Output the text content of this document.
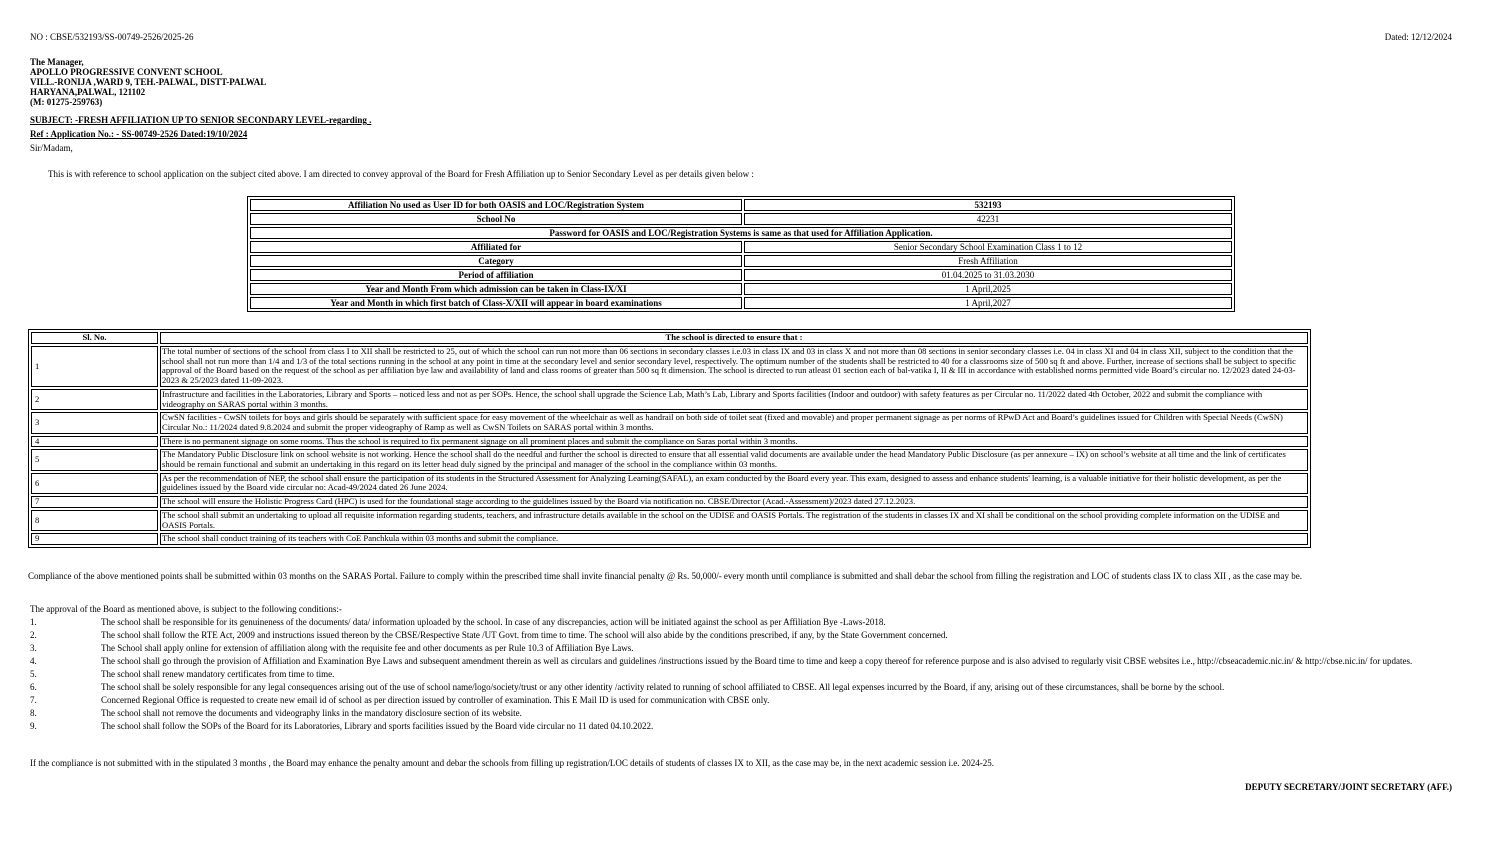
NO : CBSE/532193/SS-00749-2526/2025-26	Dated: 12/12/2024
The Manager,
APOLLO PROGRESSIVE CONVENT SCHOOL
VILL.-RONIJA ,WARD 9, TEH.-PALWAL, DISTT-PALWAL
HARYANA,PALWAL, 121102
(M: 01275-259763)
SUBJECT: -FRESH AFFILIATION UP TO SENIOR SECONDARY LEVEL-regarding .
Ref : Application No.: - SS-00749-2526 Dated:19/10/2024
Sir/Madam,
This is with reference to school application on the subject cited above. I am directed to convey approval of the Board for Fresh Affiliation up to Senior Secondary Level as per details given below :
Affiliation No used as User ID for both OASIS and LOC/Registration System	532193
School No	42231
Password for OASIS and LOC/Registration Systems is same as that used for Affiliation Application.	
Affiliated for	Senior Secondary School Examination Class 1 to 12
Category	Fresh Affiliation
Period of affiliation	01.04.2025 to 31.03.2030
Year and Month From which admission can be taken in Class-IX/XI	1 April,2025
Year and Month in which first batch of Class-X/XII will appear in board examinations	1 April,2027
Sl. No.	The school is directed to ensure that :
1	The total number of sections of the school from class I to XII shall be restricted to 25, out of which the school can run not more than 06 sections in secondary classes i.e.03 in class IX and 03 in class X and not more than 08 sections in senior secondary classes i.e. 04 in class XI and 04 in class XII, subject to the condition that the school shall not run more than 1/4 and 1/3 of the total sections running in the school at any point in time at the secondary level and senior secondary level, respectively. The optimum number of the students shall be restricted to 40 for a classrooms size of 500 sq ft and above. Further, increase of sections shall be subject to specific approval of the Board based on the request of the school as per affiliation bye law and availability of land and class rooms of greater than 500 sq ft dimension. The school is directed to run atleast 01 section each of bal-vatika I, II & III in accordance with established norms permitted vide Board’s circular no. 12/2023 dated 24-03-2023 & 25/2023 dated 11-09-2023.
2	Infrastructure and facilities in the Laboratories, Library and Sports – noticed less and not as per SOPs. Hence, the school shall upgrade the Science Lab, Math’s Lab, Library and Sports facilities (Indoor and outdoor) with safety features as per Circular no. 11/2022 dated 4th October, 2022 and submit the compliance with videography on SARAS portal within 3 months.
3	CwSN facilities - CwSN toilets for boys and girls should be separately with sufficient space for easy movement of the wheelchair as well as handrail on both side of toilet seat (fixed and movable) and proper permanent signage as per norms of RPwD Act and Board’s guidelines issued for Children with Special Needs (CwSN) Circular No.: 11/2024 dated 9.8.2024 and submit the proper videography of Ramp as well as CwSN Toilets on SARAS portal within 3 months.
4	There is no permanent signage on some rooms. Thus the school is required to fix permanent signage on all prominent places and submit the compliance on Saras portal within 3 months.
5	The Mandatory Public Disclosure link on school website is not working. Hence the school shall do the needful and further the school is directed to ensure that all essential valid documents are available under the head Mandatory Public Disclosure (as per annexure – IX) on school’s website at all time and the link of certificates should be remain functional and submit an undertaking in this regard on its letter head duly signed by the principal and manager of the school in the compliance within 03 months.
6	As per the recommendation of NEP, the school shall ensure the participation of its students in the Structured Assessment for Analyzing Learning(SAFAL), an exam conducted by the Board every year. This exam, designed to assess and enhance students' learning, is a valuable initiative for their holistic development, as per the guidelines issued by the Board vide circular no: Acad-49/2024 dated 26 June 2024.
7	The school will ensure the Holistic Progress Card (HPC) is used for the foundational stage according to the guidelines issued by the Board via notification no. CBSE/Director (Acad.-Assessment)/2023 dated 27.12.2023.
8	The school shall submit an undertaking to upload all requisite information regarding students, teachers, and infrastructure details available in the school on the UDISE and OASIS Portals. The registration of the students in classes IX and XI shall be conditional on the school providing complete information on the UDISE and OASIS Portals.
9	The school shall conduct training of its teachers with CoE Panchkula within 03 months and submit the compliance.
Compliance of the above mentioned points shall be submitted within 03 months on the SARAS Portal. Failure to comply within the prescribed time shall invite financial penalty @ Rs. 50,000/- every month until compliance is submitted and shall debar the school from filling the registration and LOC of students class IX to class XII , as the case may be.
The approval of the Board as mentioned above, is subject to the following conditions:-
1.	The school shall be responsible for its genuineness of the documents/ data/ information uploaded by the school. In case of any discrepancies, action will be initiated against the school as per Affiliation Bye -Laws-2018.
2.	The school shall follow the RTE Act, 2009 and instructions issued thereon by the CBSE/Respective State /UT Govt. from time to time. The school will also abide by the conditions prescribed, if any, by the State Government concerned.
3.	The School shall apply online for extension of affiliation along with the requisite fee and other documents as per Rule 10.3 of Affiliation Bye Laws.
4.	The school shall go through the provision of Affiliation and Examination Bye Laws and subsequent amendment therein as well as circulars and guidelines /instructions issued by the Board time to time and keep a copy thereof for reference purpose and is also advised to regularly visit CBSE websites i.e., http://cbseacademic.nic.in/ & http://cbse.nic.in/ for updates.
5.	The school shall renew mandatory certificates from time to time.
6.	The school shall be solely responsible for any legal consequences arising out of the use of school name/logo/society/trust or any other identity /activity related to running of school affiliated to CBSE. All legal expenses incurred by the Board, if any, arising out of these circumstances, shall be borne by the school.
7.	Concerned Regional Office is requested to create new email id of school as per direction issued by controller of examination. This E Mail ID is used for communication with CBSE only.
8.	The school shall not remove the documents and videography links in the mandatory disclosure section of its website.
9.	The school shall follow the SOPs of the Board for its Laboratories, Library and sports facilities issued by the Board vide circular no 11 dated 04.10.2022.
If the compliance is not submitted with in the stipulated 3 months , the Board may enhance the penalty amount and debar the schools from filling up registration/LOC details of students of classes IX to XII, as the case may be, in the next academic session i.e. 2024-25.
DEPUTY SECRETARY/JOINT SECRETARY (AFF.)
